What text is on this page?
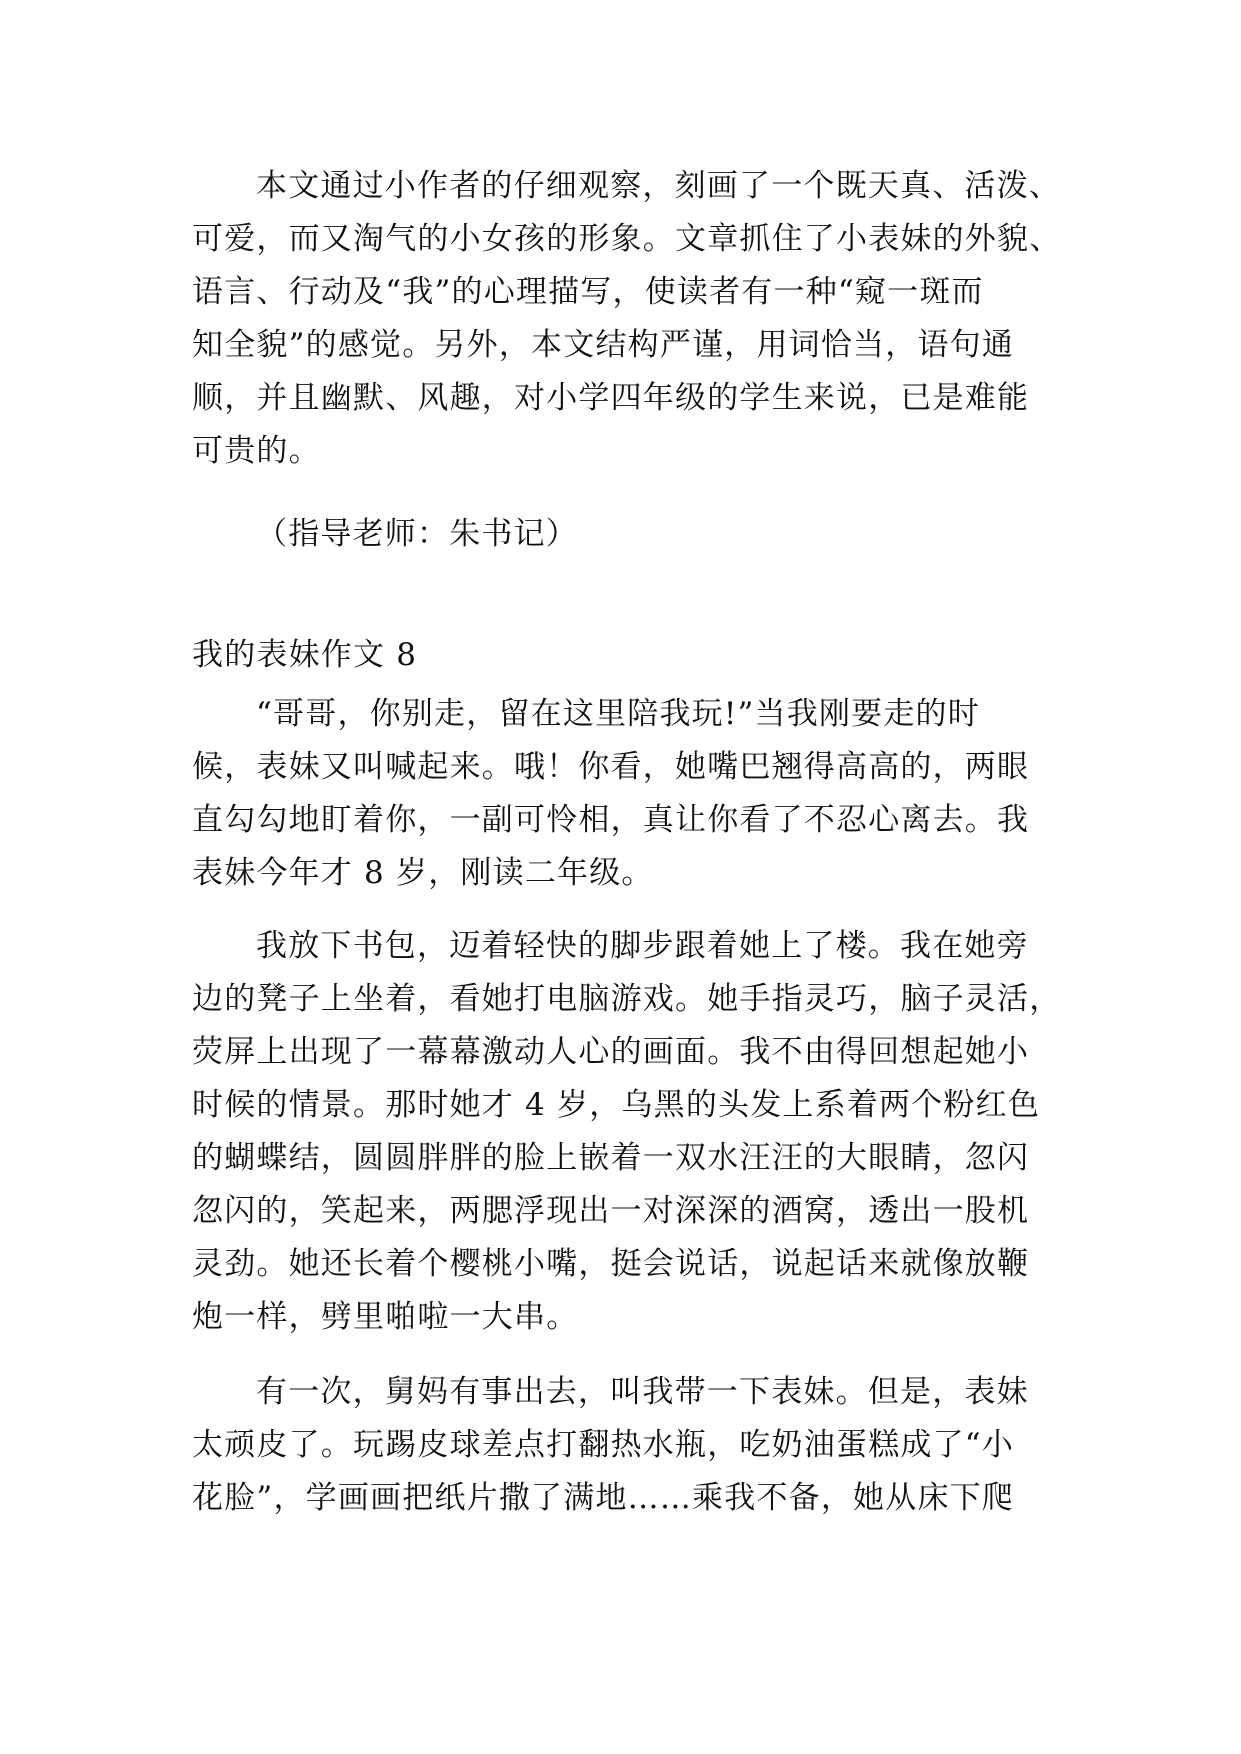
本文通过小作者的仔细观察，刻画了一个既天真、活泼、
可爱，而又淘气的小女孩的形象。文章抓住了小表妹的外貌、
语言、行动及“我”的心理描写，使读者有一种“窥一斑而
知全貌”的感觉。另外，本文结构严谨，用词恰当，语句通
顺，并且幽默、风趣，对小学四年级的学生来说，已是难能
可贵的。
（指导老师：朱书记）
我的表妹作文 8
“哥哥，你别走，留在这里陪我玩!”当我刚要走的时
候，表妹又叫喊起来。哦！你看，她嘴巴翘得高高的，两眼
直勾勾地盯着你，一副可怜相，真让你看了不忍心离去。我
表妹今年才 8 岁，刚读二年级。
我放下书包，迈着轻快的脚步跟着她上了楼。我在她旁
边的凳子上坐着，看她打电脑游戏。她手指灵巧，脑子灵活，
荧屏上出现了一幕幕激动人心的画面。我不由得回想起她小
时候的情景。那时她才 4 岁，乌黑的头发上系着两个粉红色
的蝴蝶结，圆圆胖胖的脸上嵌着一双水汪汪的大眼睛，忽闪
忽闪的，笑起来，两腮浮现出一对深深的酒窝，透出一股机
灵劲。她还长着个樱桃小嘴，挺会说话，说起话来就像放鞭
炮一样，劈里啪啦一大串。
有一次，舅妈有事出去，叫我带一下表妹。但是，表妹
太顽皮了。玩踢皮球差点打翻热水瓶，吃奶油蛋糕成了“小
花脸”，学画画把纸片撒了满地……乘我不备，她从床下爬
